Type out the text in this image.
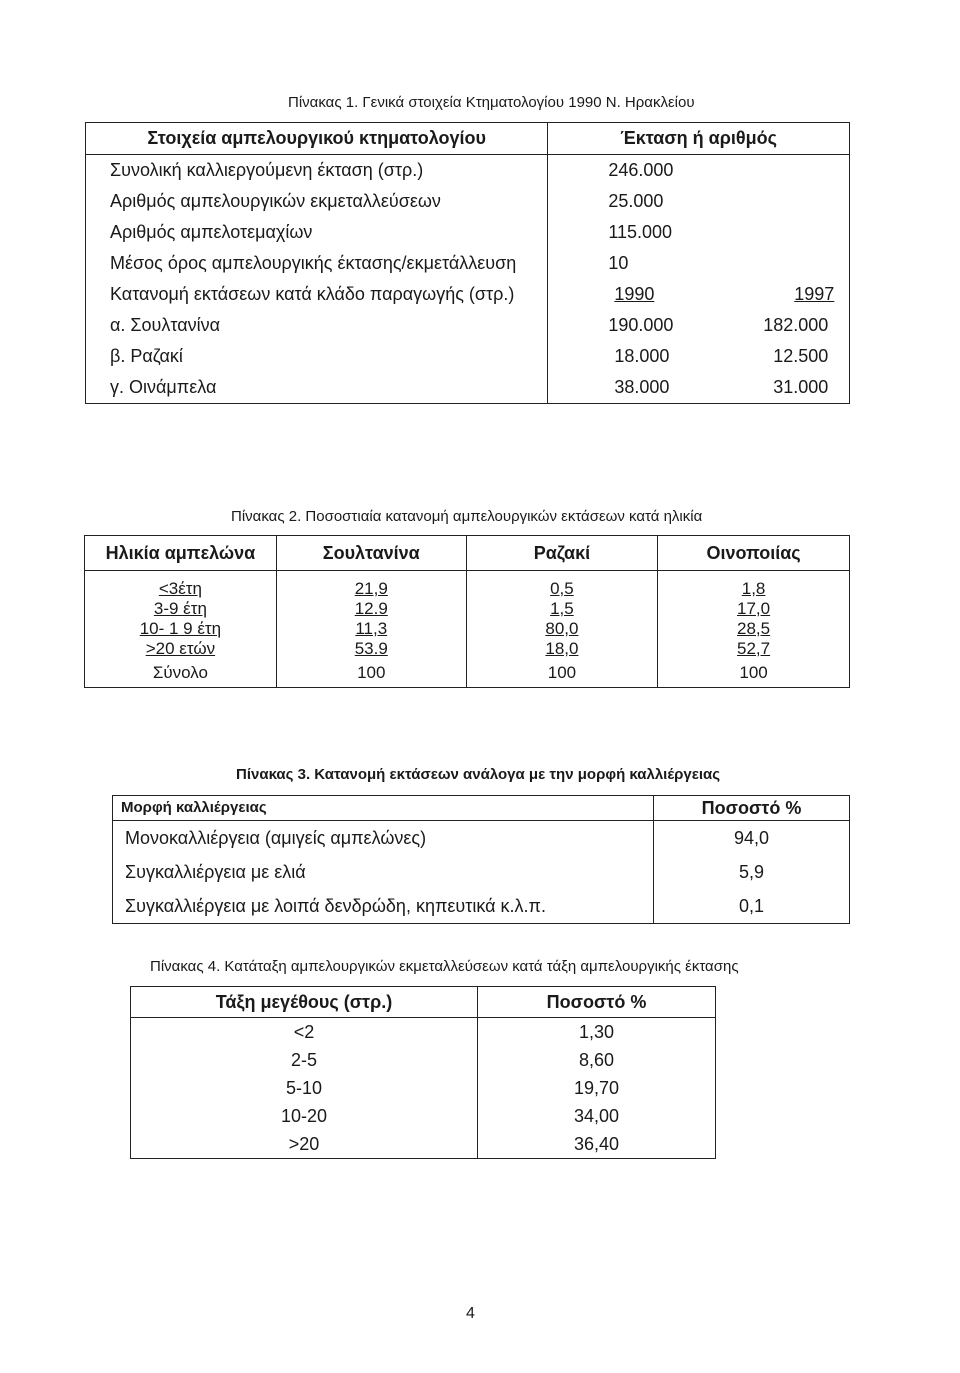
Πίνακας 1. Γενικά στοιχεία Κτηματολογίου 1990 Ν. Ηρακλείου
Στοιχεία αμπελουργικού κτηματολογίου	Έκταση ή αριθμός
Συνολική καλλιεργούμενη έκταση (στρ.)	246.000
Αριθμός αμπελουργικών εκμεταλλεύσεων	25.000
Αριθμός αμπελοτεμαχίων	115.000
Μέσος όρος αμπελουργικής έκτασης/εκμετάλλευση	10
Κατανομή εκτάσεων κατά κλάδο παραγωγής (στρ.)	1990 1997
α. Σουλτανίνα	190.000 182.000
β. Ραζακί	18.000 12.500
γ. Οινάμπελα	38.000 31.000
Πίνακας 2. Ποσοστιαία κατανομή αμπελουργικών εκτάσεων κατά ηλικία
Ηλικία αμπελώνα	Σουλτανίνα	Ραζακί	Οινοποιίας

<3έτη	21,9	0,5	1,8
3-9 έτη	12.9	1,5	17,0
10- 1 9 έτη	11,3	80,0	28,5
>20 ετών	53.9	18,0	52,7
Σύνολο	100	100	100
Πίνακας 3. Κατανομή εκτάσεων ανάλογα με την μορφή καλλιέργειας
Μορφή καλλιέργειας	Ποσοστό %
Μονοκαλλιέργεια (αμιγείς αμπελώνες)	94,0
Συγκαλλιέργεια με ελιά	5,9
Συγκαλλιέργεια με λοιπά δενδρώδη, κηπευτικά κ.λ.π.	0,1
Πίνακας 4. Κατάταξη αμπελουργικών εκμεταλλεύσεων κατά τάξη αμπελουργικής έκτασης
Τάξη μεγέθους (στρ.)	Ποσοστό %
<2	1,30
2-5	8,60
5-10	19,70
10-20	34,00
>20	36,40
4
